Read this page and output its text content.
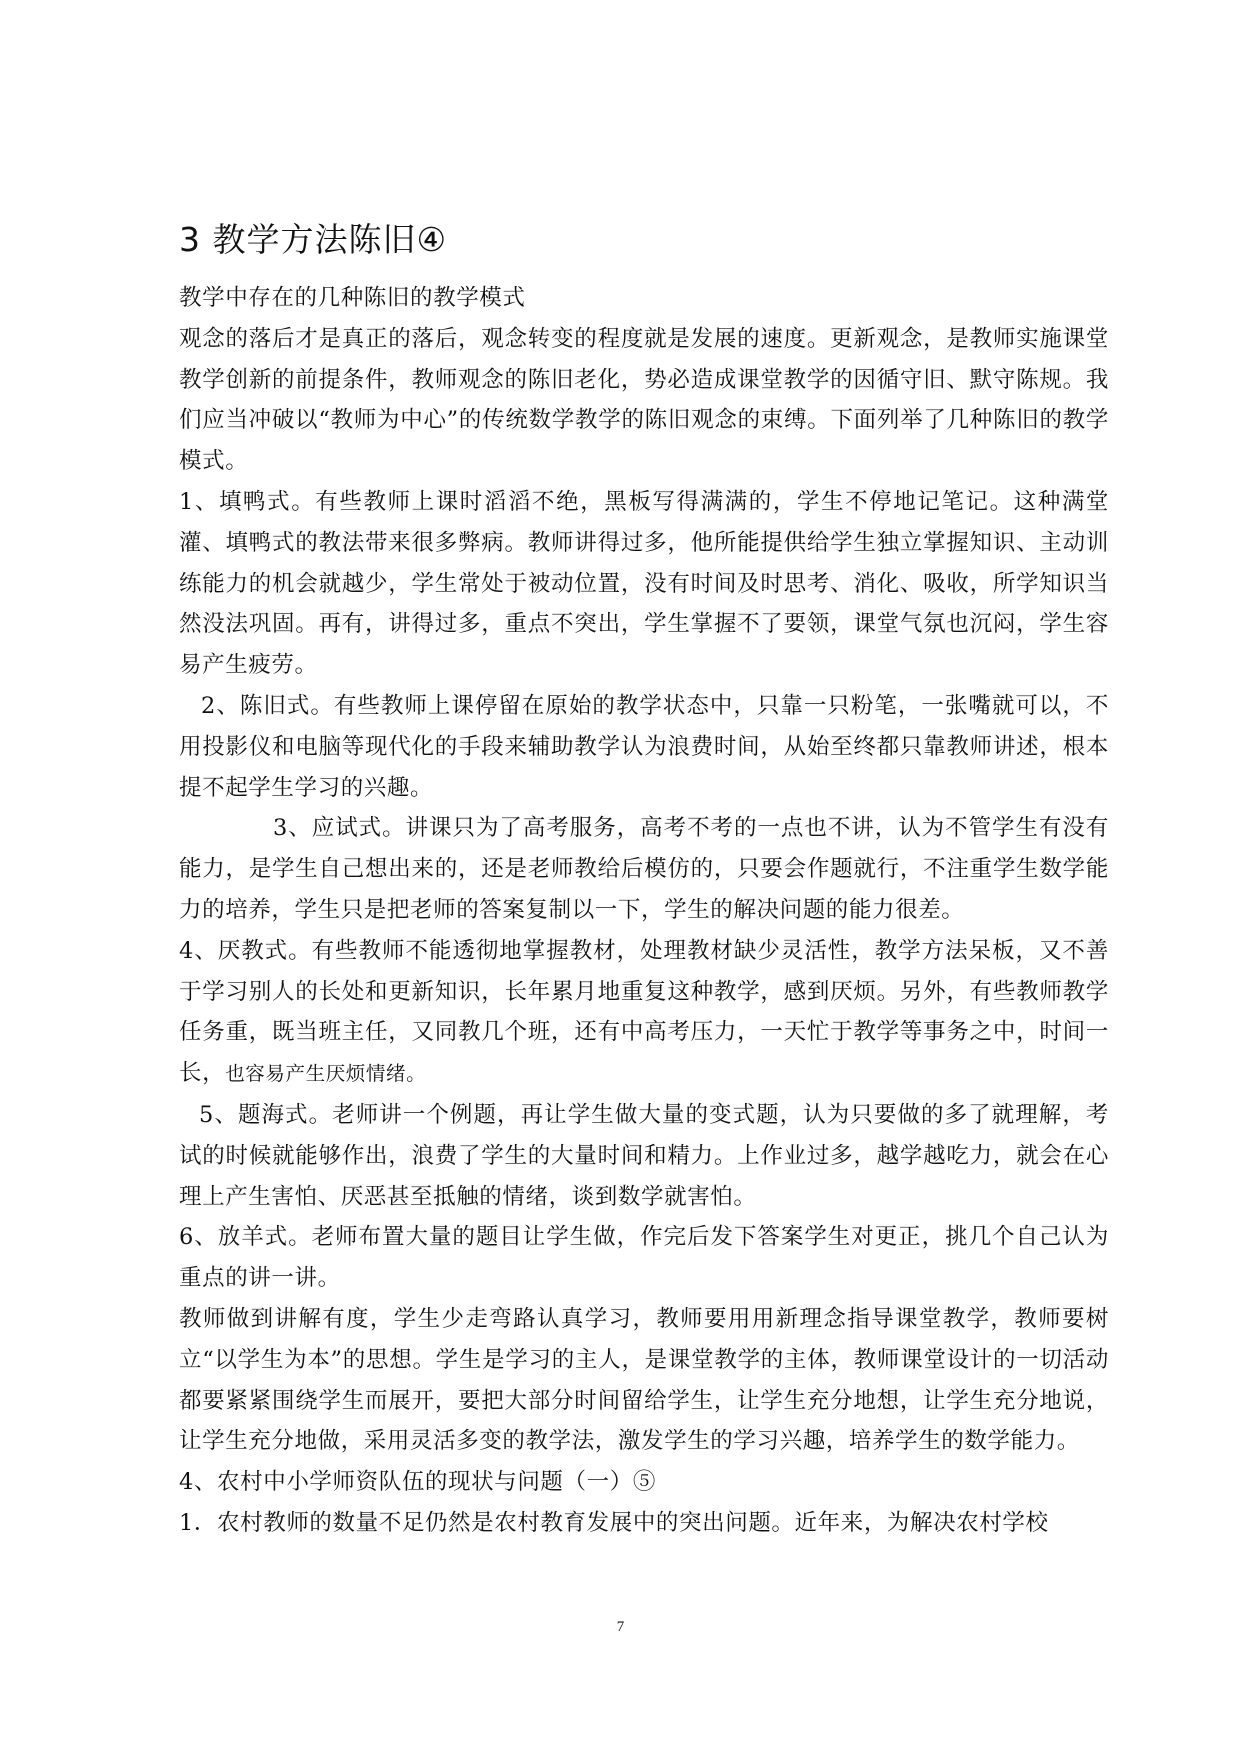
3 教学方法陈旧④

教学中存在的几种陈旧的教学模式

观念的落后才是真正的落后，观念转变的程度就是发展的速度。更新观念，是教师实施课堂教学创新的前提条件，教师观念的陈旧老化，势必造成课堂教学的因循守旧、默守陈规。我们应当冲破以“教师为中心”的传统数学教学的陈旧观念的束缚。下面列举了几种陈旧的教学模式。

1、填鸭式。有些教师上课时滔滔不绝，黑板写得满满的，学生不停地记笔记。这种满堂灌、填鸭式的教法带来很多弊病。教师讲得过多，他所能提供给学生独立掌握知识、主动训练能力的机会就越少，学生常处于被动位置，没有时间及时思考、消化、吸收，所学知识当然没法巩固。再有，讲得过多，重点不突出，学生掌握不了要领，课堂气氛也沉闷，学生容易产生疲劳。

2、陈旧式。有些教师上课停留在原始的教学状态中，只靠一只粉笔，一张嘴就可以，不用投影仪和电脑等现代化的手段来辅助教学认为浪费时间，从始至终都只靠教师讲述，根本提不起学生学习的兴趣。

3、应试式。讲课只为了高考服务，高考不考的一点也不讲，认为不管学生有没有能力，是学生自己想出来的，还是老师教给后模仿的，只要会作题就行，不注重学生数学能力的培养，学生只是把老师的答案复制以一下，学生的解决问题的能力很差。

4、厌教式。有些教师不能透彻地掌握教材，处理教材缺少灵活性，教学方法呆板，又不善于学习别人的长处和更新知识，长年累月地重复这种教学，感到厌烦。另外，有些教师教学任务重，既当班主任，又同教几个班，还有中高考压力，一天忙于教学等事务之中，时间一长，也容易产生厌烦情绪。

5、题海式。老师讲一个例题，再让学生做大量的变式题，认为只要做的多了就理解，考试的时候就能够作出，浪费了学生的大量时间和精力。上作业过多，越学越吃力，就会在心理上产生害怕、厌恶甚至抵触的情绪，谈到数学就害怕。

6、放羊式。老师布置大量的题目让学生做，作完后发下答案学生对更正，挑几个自己认为重点的讲一讲。

教师做到讲解有度，学生少走弯路认真学习，教师要用用新理念指导课堂教学，教师要树立“以学生为本”的思想。学生是学习的主人，是课堂教学的主体，教师课堂设计的一切活动都要紧紧围绕学生而展开，要把大部分时间留给学生，让学生充分地想，让学生充分地说，让学生充分地做，采用灵活多变的教学法，激发学生的学习兴趣，培养学生的数学能力。

4、农村中小学师资队伍的现状与问题（一）⑤

1．农村教师的数量不足仍然是农村教育发展中的突出问题。近年来，为解决农村学校

7
